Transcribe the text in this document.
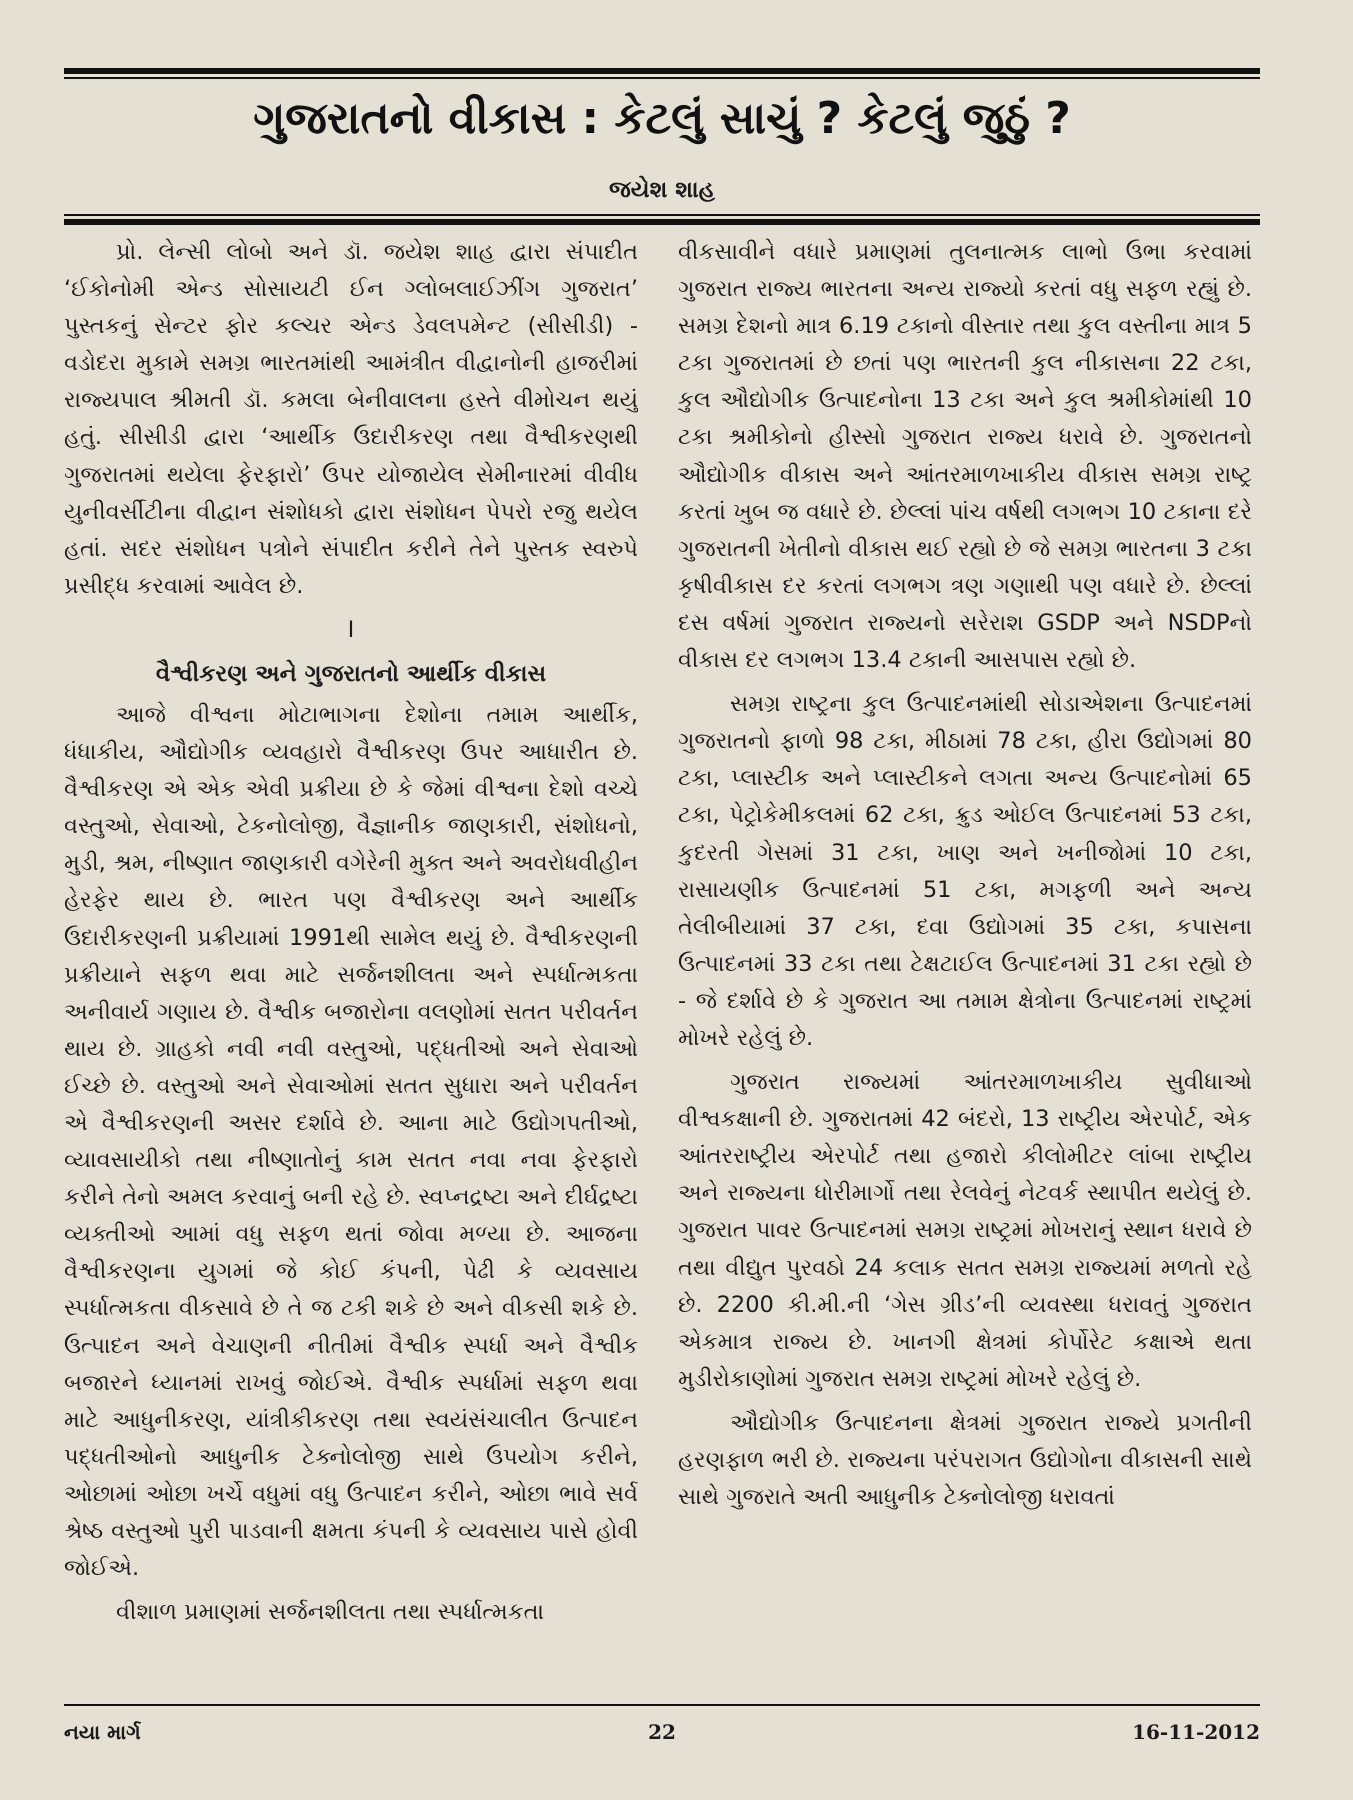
ગુજરાતનો વીકાસ : કેટલું સાચું ? કેટલું જુઠું ?
જયેશ શાહ

પ્રો. લેન્સી લોબો અને ડૉ. જયેશ શાહ દ્વારા સંપાદીત ‘ઈકોનોમી એન્ડ સોસાયટી ઈન ગ્લોબલાઈઝીંગ ગુજરાત’ પુસ્તકનું સેન્ટર ફોર કલ્ચર એન્ડ ડેવલપમેન્ટ (સીસીડી) - વડોદરા મુકામે સમગ્ર ભારતમાંથી આમંત્રીત વીદ્વાનોની હાજરીમાં રાજ્યપાલ શ્રીમતી ડૉ. કમલા બેનીવાલના હસ્તે વીમોચન થયું હતું. સીસીડી દ્વારા ‘આર્થીક ઉદારીકરણ તથા વૈશ્વીકરણથી ગુજરાતમાં થયેલા ફેરફારો’ ઉપર યોજાયેલ સેમીનારમાં વીવીધ યુનીવર્સીટીના વીદ્વાન સંશોધકો દ્વારા સંશોધન પેપરો રજુ થયેલ હતાં. સદર સંશોધન પત્રોને સંપાદીત કરીને તેને પુસ્તક સ્વરુપે પ્રસીદ્ધ કરવામાં આવેલ છે.

I
વૈશ્વીકરણ અને ગુજરાતનો આર્થીક વીકાસ

આજે વીશ્વના મોટાભાગના દેશોના તમામ આર્થીક, ધંધાકીય, ઔદ્યોગીક વ્યવહારો વૈશ્વીકરણ ઉપર આધારીત છે. વૈશ્વીકરણ એ એક એવી પ્રક્રીયા છે કે જેમાં વીશ્વના દેશો વચ્ચે વસ્તુઓ, સેવાઓ, ટેકનોલોજી, વૈજ્ઞાનીક જાણકારી, સંશોધનો, મુડી, શ્રમ, નીષ્ણાત જાણકારી વગેરેની મુક્ત અને અવરોધવીહીન હેરફેર થાય છે. ભારત પણ વૈશ્વીકરણ અને આર્થીક ઉદારીકરણની પ્રક્રીયામાં 1991થી સામેલ થયું છે. વૈશ્વીકરણની પ્રક્રીયાને સફળ થવા માટે સર્જનશીલતા અને સ્પર્ધાત્મકતા અનીવાર્ય ગણાય છે. વૈશ્વીક બજારોના વલણોમાં સતત પરીવર્તન થાય છે. ગ્રાહકો નવી નવી વસ્તુઓ, પદ્ધતીઓ અને સેવાઓ ઈચ્છે છે. વસ્તુઓ અને સેવાઓમાં સતત સુધારા અને પરીવર્તન એ વૈશ્વીકરણની અસર દર્શાવે છે. આના માટે ઉદ્યોગપતીઓ, વ્યાવસાયીકો તથા નીષ્ણાતોનું કામ સતત નવા નવા ફેરફારો કરીને તેનો અમલ કરવાનું બની રહે છે. સ્વપ્નદ્રષ્ટા અને દીર્ઘદ્રષ્ટા વ્યક્તીઓ આમાં વધુ સફળ થતાં જોવા મળ્યા છે. આજના વૈશ્વીકરણના યુગમાં જે કોઈ કંપની, પેઢી કે વ્યવસાય સ્પર્ધાત્મકતા વીકસાવે છે તે જ ટકી શકે છે અને વીકસી શકે છે. ઉત્પાદન અને વેચાણની નીતીમાં વૈશ્વીક સ્પર્ધા અને વૈશ્વીક બજારને ધ્યાનમાં રાખવું જોઈએ. વૈશ્વીક સ્પર્ધામાં સફળ થવા માટે આધુનીકરણ, યાંત્રીકીકરણ તથા સ્વયંસંચાલીત ઉત્પાદન પદ્ધતીઓનો આધુનીક ટેક્નોલોજી સાથે ઉપયોગ કરીને, ઓછામાં ઓછા ખર્ચે વધુમાં વધુ ઉત્પાદન કરીને, ઓછા ભાવે સર્વ શ્રેષ્ઠ વસ્તુઓ પુરી પાડવાની ક્ષમતા કંપની કે વ્યવસાય પાસે હોવી જોઈએ.

વીશાળ પ્રમાણમાં સર્જનશીલતા તથા સ્પર્ધાત્મકતા

વીકસાવીને વધારે પ્રમાણમાં તુલનાત્મક લાભો ઉભા કરવામાં ગુજરાત રાજ્ય ભારતના અન્ય રાજ્યો કરતાં વધુ સફળ રહ્યું છે. સમગ્ર દેશનો માત્ર 6.19 ટકાનો વીસ્તાર તથા કુલ વસ્તીના માત્ર 5 ટકા ગુજરાતમાં છે છતાં પણ ભારતની કુલ નીકાસના 22 ટકા, કુલ ઔદ્યોગીક ઉત્પાદનોના 13 ટકા અને કુલ શ્રમીકોમાંથી 10 ટકા શ્રમીકોનો હીસ્સો ગુજરાત રાજ્ય ધરાવે છે. ગુજરાતનો ઔદ્યોગીક વીકાસ અને આંતરમાળખાકીય વીકાસ સમગ્ર રાષ્ટ્ર કરતાં ખુબ જ વધારે છે. છેલ્લાં પાંચ વર્ષથી લગભગ 10 ટકાના દરે ગુજરાતની ખેતીનો વીકાસ થઈ રહ્યો છે જે સમગ્ર ભારતના 3 ટકા કૃષીવીકાસ દર કરતાં લગભગ ત્રણ ગણાથી પણ વધારે છે. છેલ્લાં દસ વર્ષમાં ગુજરાત રાજ્યનો સરેરાશ GSDP અને NSDPનો વીકાસ દર લગભગ 13.4 ટકાની આસપાસ રહ્યો છે.

સમગ્ર રાષ્ટ્રના કુલ ઉત્પાદનમાંથી સોડાએશના ઉત્પાદનમાં ગુજરાતનો ફાળો 98 ટકા, મીઠામાં 78 ટકા, હીરા ઉદ્યોગમાં 80 ટકા, પ્લાસ્ટીક અને પ્લાસ્ટીકને લગતા અન્ય ઉત્પાદનોમાં 65 ટકા, પેટ્રોકેમીકલમાં 62 ટકા, ક્રુડ ઓઈલ ઉત્પાદનમાં 53 ટકા, કુદરતી ગેસમાં 31 ટકા, ખાણ અને ખનીજોમાં 10 ટકા, રાસાયણીક ઉત્પાદનમાં 51 ટકા, મગફળી અને અન્ય તેલીબીયામાં 37 ટકા, દવા ઉદ્યોગમાં 35 ટકા, કપાસના ઉત્પાદનમાં 33 ટકા તથા ટેક્ષટાઈલ ઉત્પાદનમાં 31 ટકા રહ્યો છે - જે દર્શાવે છે કે ગુજરાત આ તમામ ક્ષેત્રોના ઉત્પાદનમાં રાષ્ટ્રમાં મોખરે રહેલું છે.

ગુજરાત રાજ્યમાં આંતરમાળખાકીય સુવીધાઓ વીશ્વકક્ષાની છે. ગુજરાતમાં 42 બંદરો, 13 રાષ્ટ્રીય એરપોર્ટ, એક આંતરરાષ્ટ્રીય એરપોર્ટ તથા હજારો કીલોમીટર લાંબા રાષ્ટ્રીય અને રાજ્યના ધોરીમાર્ગો તથા રેલવેનું નેટવર્ક સ્થાપીત થયેલું છે. ગુજરાત પાવર ઉત્પાદનમાં સમગ્ર રાષ્ટ્રમાં મોખરાનું સ્થાન ધરાવે છે તથા વીદ્યુત પુરવઠો 24 કલાક સતત સમગ્ર રાજ્યમાં મળતો રહે છે. 2200 કી.મી.ની ‘ગેસ ગ્રીડ’ની વ્યવસ્થા ધરાવતું ગુજરાત એકમાત્ર રાજ્ય છે. ખાનગી ક્ષેત્રમાં કોર્પોરેટ કક્ષાએ થતા મુડીરોકાણોમાં ગુજરાત સમગ્ર રાષ્ટ્રમાં મોખરે રહેલું છે.

ઔદ્યોગીક ઉત્પાદનના ક્ષેત્રમાં ગુજરાત રાજ્યે પ્રગતીની હરણફાળ ભરી છે. રાજ્યના પરંપરાગત ઉદ્યોગોના વીકાસની સાથે સાથે ગુજરાતે અતી આધુનીક ટેક્નોલોજી ધરાવતાં

નયા માર્ગ	22	16-11-2012
